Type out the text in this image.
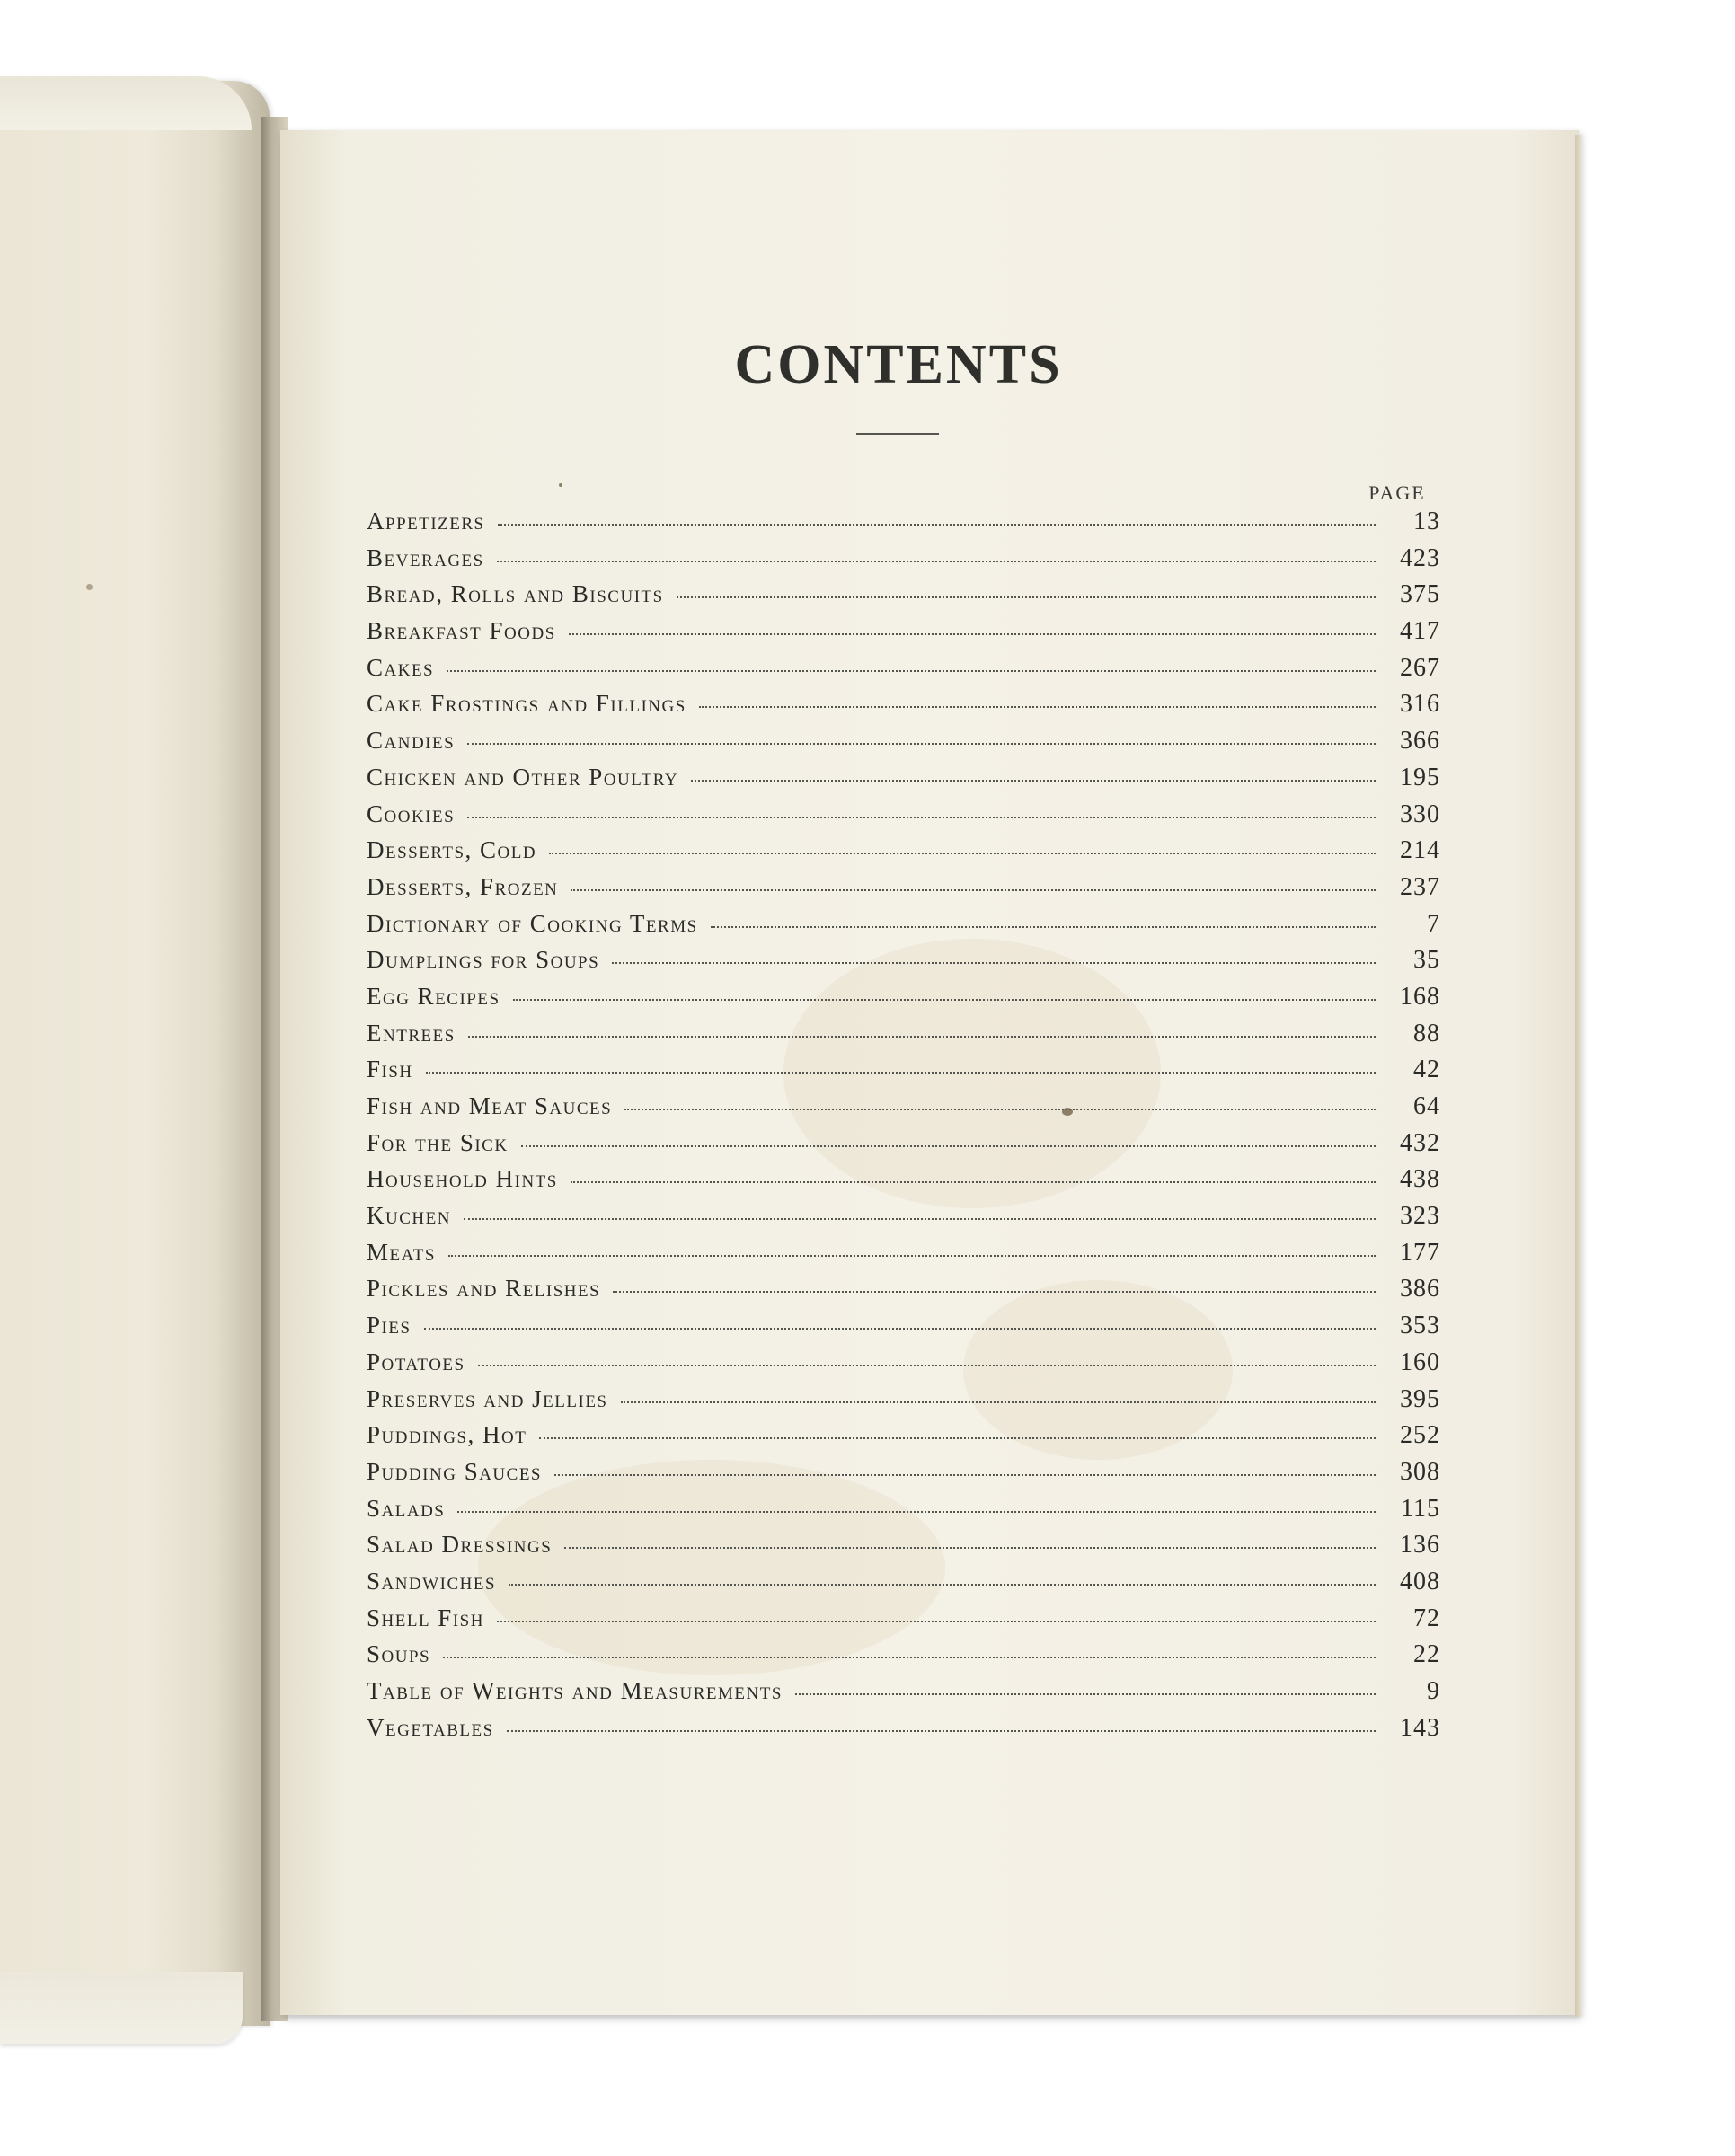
CONTENTS
PAGE
Appetizers	13
Beverages	423
Bread, Rolls and Biscuits	375
Breakfast Foods	417
Cakes	267
Cake Frostings and Fillings	316
Candies	366
Chicken and Other Poultry	195
Cookies	330
Desserts, Cold	214
Desserts, Frozen	237
Dictionary of Cooking Terms	7
Dumplings for Soups	35
Egg Recipes	168
Entrees	88
Fish	42
Fish and Meat Sauces	64
For the Sick	432
Household Hints	438
Kuchen	323
Meats	177
Pickles and Relishes	386
Pies	353
Potatoes	160
Preserves and Jellies	395
Puddings, Hot	252
Pudding Sauces	308
Salads	115
Salad Dressings	136
Sandwiches	408
Shell Fish	72
Soups	22
Table of Weights and Measurements	9
Vegetables	143
